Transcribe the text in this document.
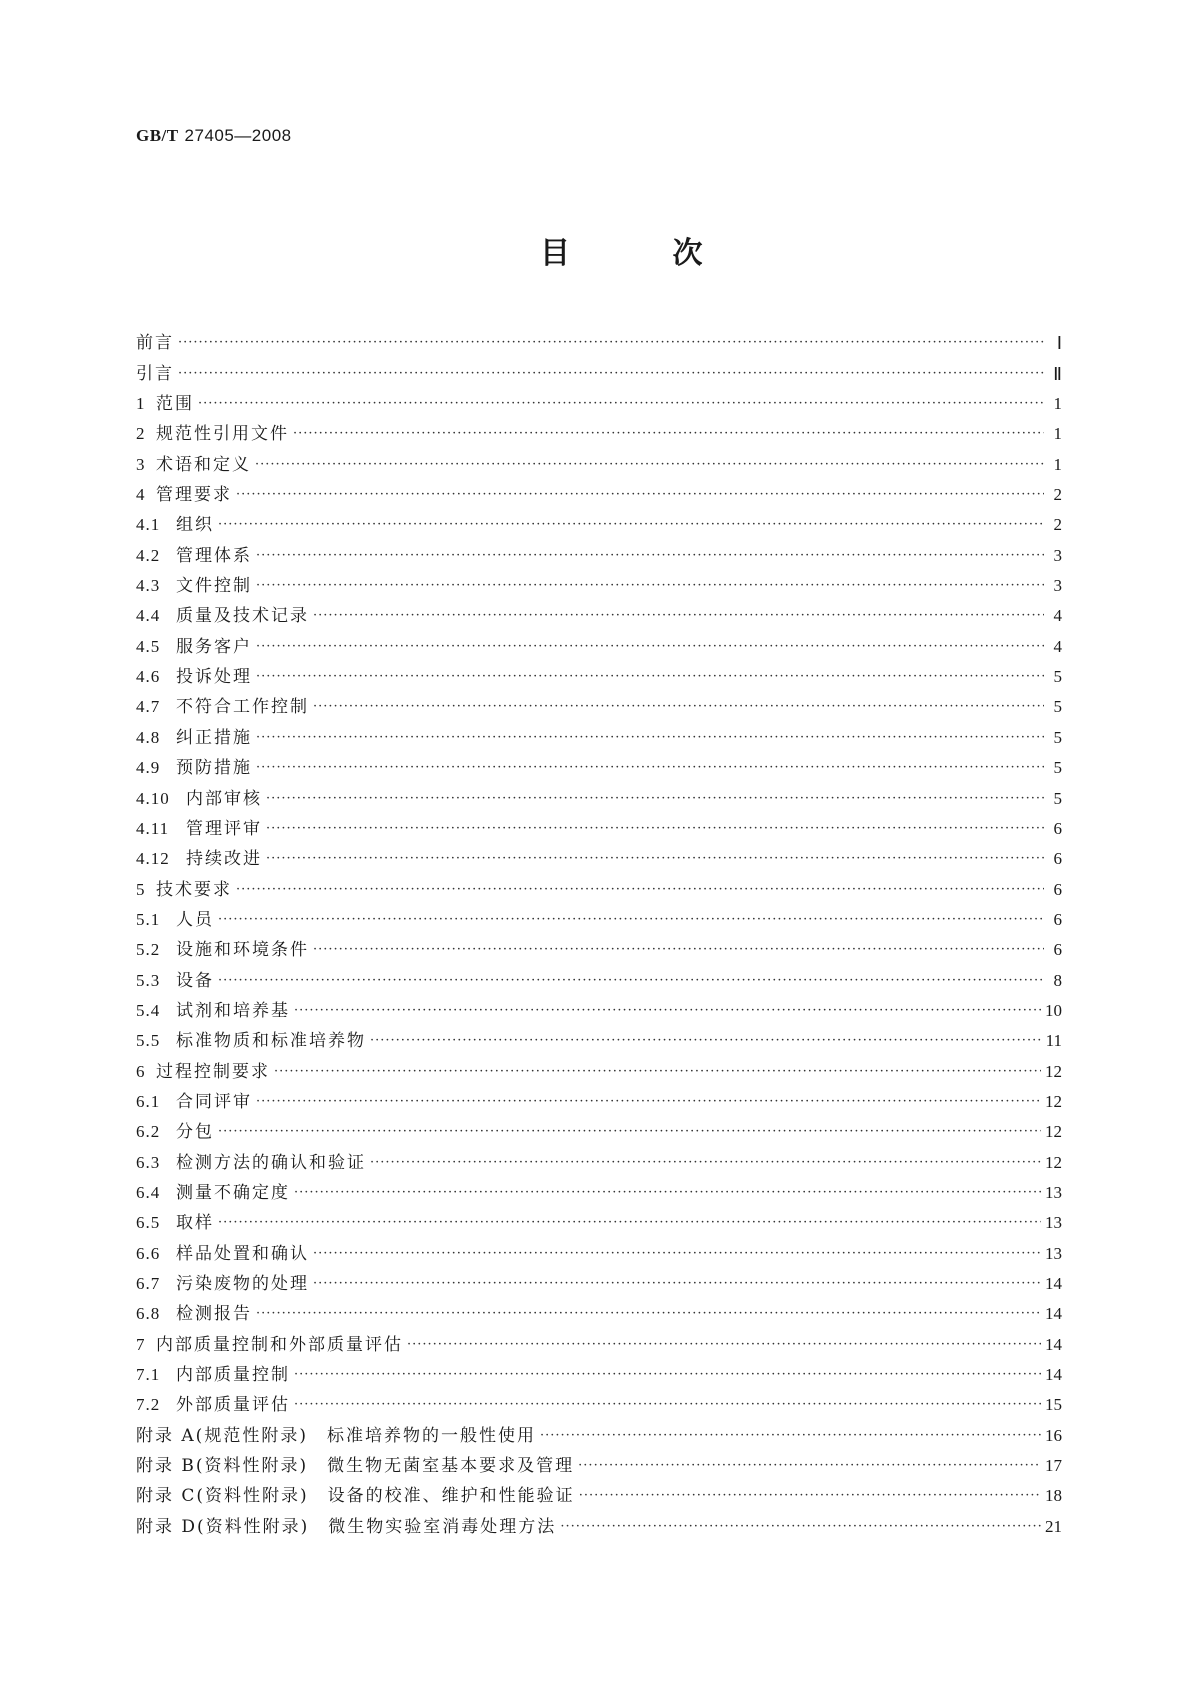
GB/T 27405—2008
目 次
前言 ·····	Ⅰ
引言 ·····	Ⅱ
1 范围 ·····	1
2 规范性引用文件 ·····	1
3 术语和定义 ·····	1
4 管理要求 ·····	2
4.1 组织 ·····	2
4.2 管理体系 ·····	3
4.3 文件控制 ·····	3
4.4 质量及技术记录 ·····	4
4.5 服务客户 ·····	4
4.6 投诉处理 ·····	5
4.7 不符合工作控制 ·····	5
4.8 纠正措施 ·····	5
4.9 预防措施 ·····	5
4.10 内部审核 ·····	5
4.11 管理评审 ·····	6
4.12 持续改进 ·····	6
5 技术要求 ·····	6
5.1 人员 ·····	6
5.2 设施和环境条件 ·····	6
5.3 设备 ·····	8
5.4 试剂和培养基 ·····	10
5.5 标准物质和标准培养物 ·····	11
6 过程控制要求 ·····	12
6.1 合同评审 ·····	12
6.2 分包 ·····	12
6.3 检测方法的确认和验证 ·····	12
6.4 测量不确定度 ·····	13
6.5 取样 ·····	13
6.6 样品处置和确认 ·····	13
6.7 污染废物的处理 ·····	14
6.8 检测报告 ·····	14
7 内部质量控制和外部质量评估 ·····	14
7.1 内部质量控制 ·····	14
7.2 外部质量评估 ·····	15
附录 A(规范性附录)　标准培养物的一般性使用 ·····	16
附录 B(资料性附录)　微生物无菌室基本要求及管理 ·····	17
附录 C(资料性附录)　设备的校准、维护和性能验证 ·····	18
附录 D(资料性附录)　微生物实验室消毒处理方法 ·····	21
